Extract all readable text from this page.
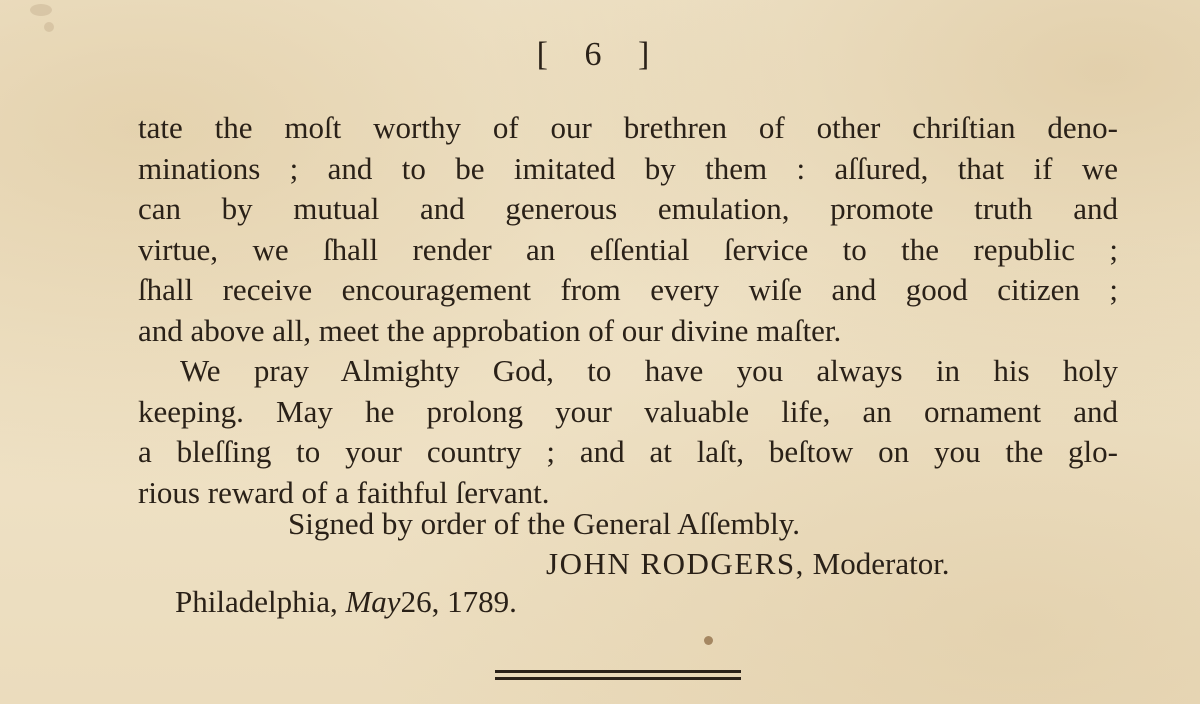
[ 6 ]
tate the moſt worthy of our brethren of other chriſtian deno-
minations ; and to be imitated by them : aſſured, that if we
can by mutual and generous emulation, promote truth and
virtue, we ſhall render an eſſential ſervice to the republic ;
ſhall receive encouragement from every wiſe and good citizen ;
and above all, meet the approbation of our divine maſter.
We pray Almighty God, to have you always in his holy
keeping. May he prolong your valuable life, an ornament and
a bleſſing to your country ; and at laſt, beſtow on you the glo-
rious reward of a faithful ſervant.
Signed by order of the General Aſſembly.
JOHN RODGERS, Moderator.
Philadelphia, May26, 1789.
